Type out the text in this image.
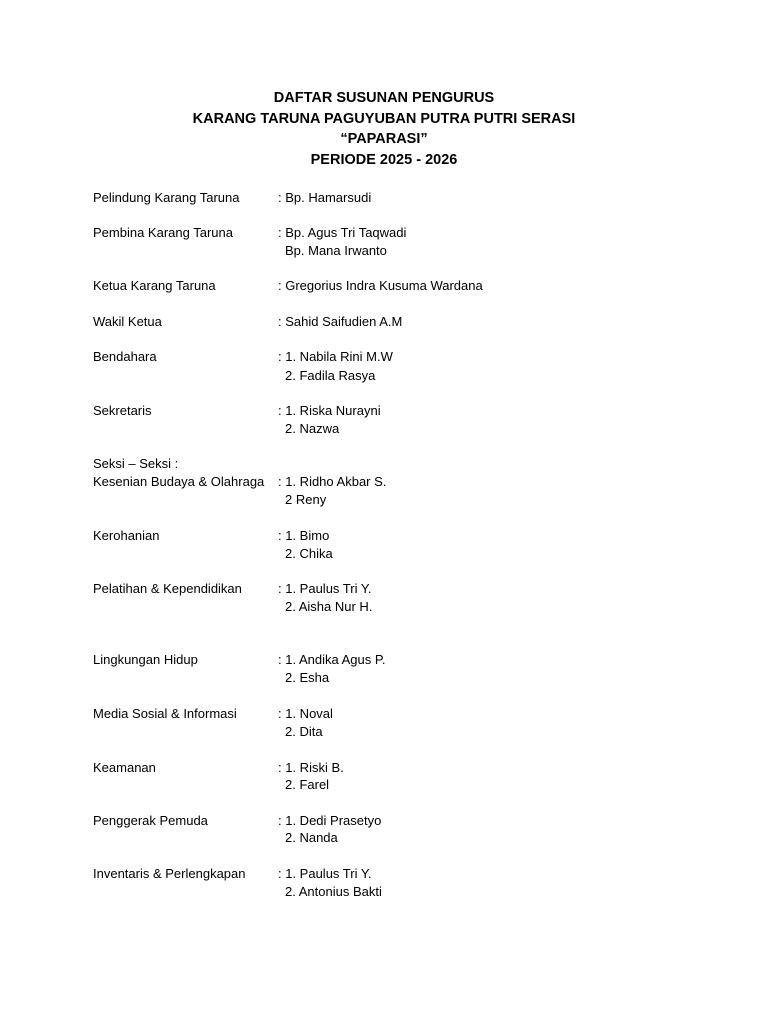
DAFTAR SUSUNAN PENGURUS
KARANG TARUNA PAGUYUBAN PUTRA PUTRI SERASI
“PAPARASI”
PERIODE 2025 - 2026
Pelindung Karang Taruna	: Bp. Hamarsudi
Pembina Karang Taruna	: Bp. Agus Tri Taqwadi
Bp. Mana Irwanto
Ketua Karang Taruna	: Gregorius Indra Kusuma Wardana
Wakil Ketua	: Sahid Saifudien A.M
Bendahara	: 1. Nabila Rini M.W
2. Fadila Rasya
Sekretaris	: 1. Riska Nurayni
2. Nazwa
Seksi – Seksi :
Kesenian Budaya & Olahraga : 1. Ridho Akbar S.
2 Reny
Kerohanian	: 1. Bimo
2. Chika
Pelatihan & Kependidikan	: 1. Paulus Tri Y.
2. Aisha Nur H.
Lingkungan Hidup	: 1. Andika Agus P.
2. Esha
Media Sosial & Informasi	: 1. Noval
2. Dita
Keamanan	: 1. Riski B.
2. Farel
Penggerak Pemuda	: 1. Dedi Prasetyo
2. Nanda
Inventaris & Perlengkapan	: 1. Paulus Tri Y.
2. Antonius Bakti
